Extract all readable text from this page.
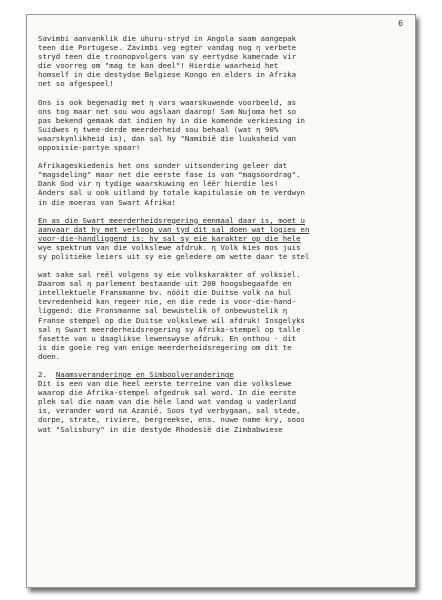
6

Savimbi aanvanklik die uhuru-stryd in Angola saam aangepak
teen die Portugese. Zavimbi veg egter vandag nog η verbete
stryd teen die troonopvolgers van sy eertydse kamerade vir
die voorreg om "mag te kan deel"! Hierdie waarheid het
homself in die destydse Belgiese Kongo en elders in Afrika
net so afgespeel!
Ons is ook begenadig met η vars waarskuwende voorbeeld, as
ons tog maar net sou wou agslaan daarop! Sam Nujoma het so
pas bekend gemaak dat indien hy in die komende verkiesing in
Suidwes η twee-derde meerderheid sou behaal (wat η 90%
waarskynlikheid is), dan sal hy "Namibië die luuksheid van
opposisie-partye spaar!
Afrikageskiedenis het ons sonder uitsondering geleer dat
"magsdeling" maar net die eerste fase is van "magsoordrag".
Dank God vir η tydige waarskuwing en léër hierdie les!
Anders sal u ook uitland by totale kapitulasie om te verdwyn
in die moeras van Swart Afrika!
En as die Swart meerderheidsregering eenmaal daar is, moet u
aanvaar dat hy met verloop van tyd dit sal doen wat logies en
voor-die-handliggend is: hy sal sy eie karakter op die hele
wye spektrum van die volkslewe afdruk. η Volk kies mos juis
sy politieke leiers uit sy eie geledere om wette daar te stel
wat sake sal reël volgens sy eie volkskarakter of volksiel.
Daarom sal η parlement bestaande uit 200 hoogsbegaafde en
intellektuele Fransmanne bv. nóóit die Duitse volk na hul
tevredenheid kan regeer nie, en die rede is voor-die-hand-
liggend: die Fransmanne sal bewustelik of onbewustelik η
Franse stempel op die Duitse volkslewe wil afdruk! Insgelyks
sal η Swart meerderheidsregering sy Afrika-stempel op talle
fasette van u daaglikse lewenswyse afdruk. En onthou - dit
is die goeie reg van enige meerderheidsregering om dit te
doen.
2. Naamsveranderinge en Simboolveranderinge
Dit is een van die heel eerste terreine van die volkslewe
waarop die Afrika-stempel afgedruk sal word. In die eerste
plek sal die naam van die hële land wat vandag u vaderland
is, verander word na Azanië. Soos tyd verbygaan, sal stede,
dorpe, strate, riviere, bergreekse, ens. nuwe name kry, soos
wat "Salisbury" in die destyde Rhodesië die Zimbabwiese
